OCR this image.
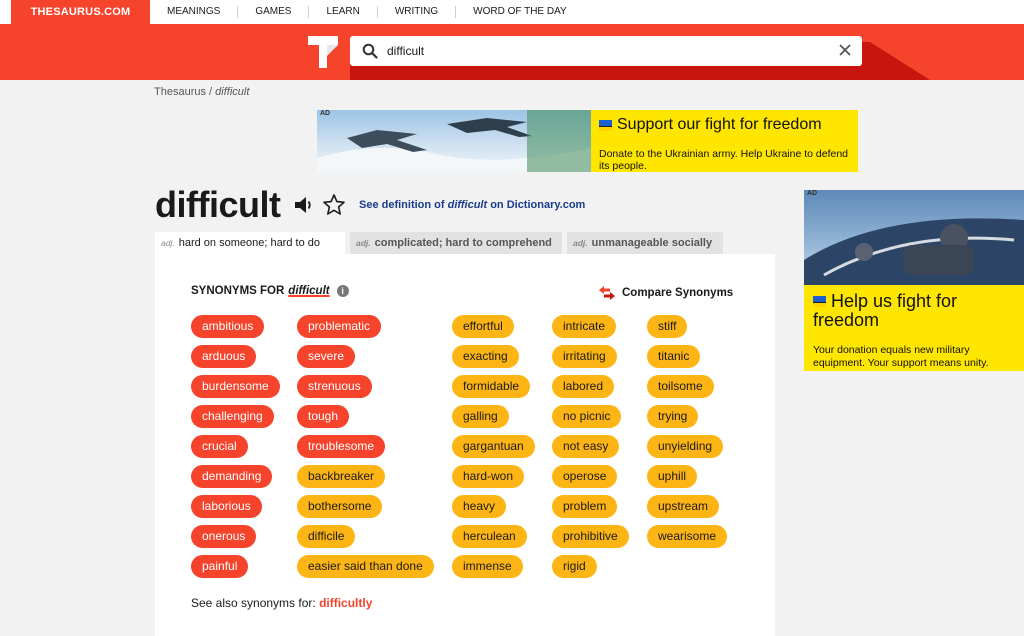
THESAURUS.COM	MEANINGS	GAMES	LEARN	WRITING	WORD OF THE DAY
difficult
Thesaurus / difficult
AD
Support our fight for freedom
Donate to the Ukrainian army. Help Ukraine to defend its people.
AD
Help us fight for freedom
Your donation equals new military equipment. Your support means unity.
difficult	See definition of difficult on Dictionary.com
adj. hard on someone; hard to do	adj. complicated; hard to comprehend adj. unmanageable socially
SYNONYMS FOR difficult	i	Compare Synonyms
ambitious
arduous
burdensome
challenging
crucial
demanding
laborious
onerous
painful
problematic
severe
strenuous
tough
troublesome
backbreaker
bothersome
difficile
easier said than done
effortful
exacting
formidable
galling
gargantuan
hard-won
heavy
herculean
immense
intricate
irritating
labored
no picnic
not easy
operose
problem
prohibitive
rigid
stiff
titanic
toilsome
trying
unyielding
uphill
upstream
wearisome
See also synonyms for: difficultly
